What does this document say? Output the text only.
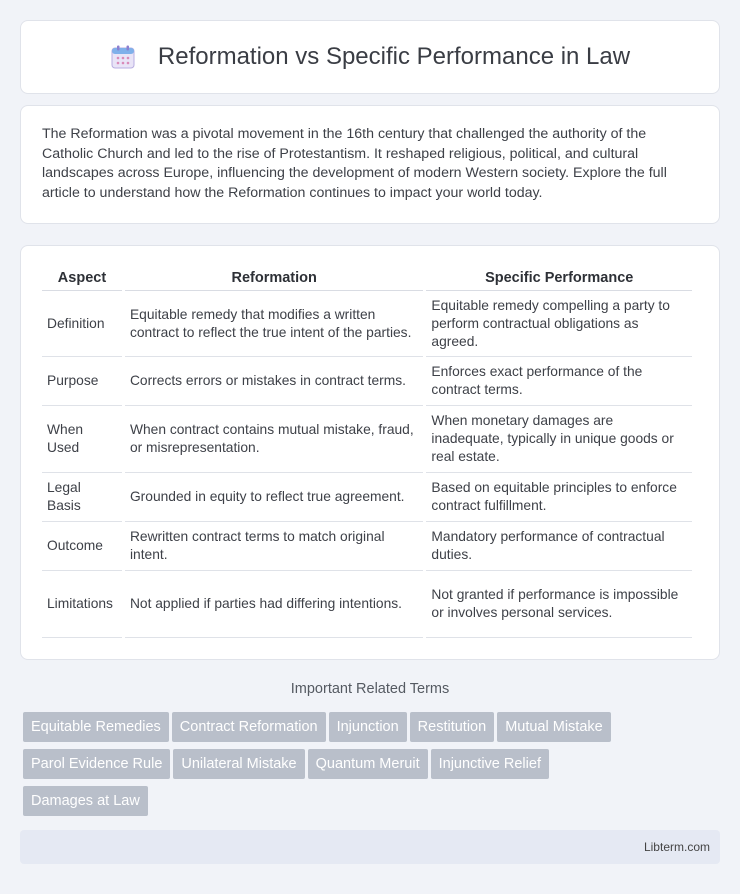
Reformation vs Specific Performance in Law

The Reformation was a pivotal movement in the 16th century that challenged the authority of the Catholic Church and led to the rise of Protestantism. It reshaped religious, political, and cultural landscapes across Europe, influencing the development of modern Western society. Explore the full article to understand how the Reformation continues to impact your world today.

Aspect	Reformation	Specific Performance
Definition	Equitable remedy that modifies a written contract to reflect the true intent of the parties.	Equitable remedy compelling a party to perform contractual obligations as agreed.
Purpose	Corrects errors or mistakes in contract terms.	Enforces exact performance of the contract terms.
When Used	When contract contains mutual mistake, fraud, or misrepresentation.	When monetary damages are inadequate, typically in unique goods or real estate.
Legal Basis	Grounded in equity to reflect true agreement.	Based on equitable principles to enforce contract fulfillment.
Outcome	Rewritten contract terms to match original intent.	Mandatory performance of contractual duties.
Limitations	Not applied if parties had differing intentions.	Not granted if performance is impossible or involves personal services.
Important Related Terms
Equitable Remedies Contract Reformation Injunction Restitution Mutual Mistake
Parol Evidence Rule Unilateral Mistake Quantum Meruit Injunctive Relief
Damages at Law
Libterm.com
